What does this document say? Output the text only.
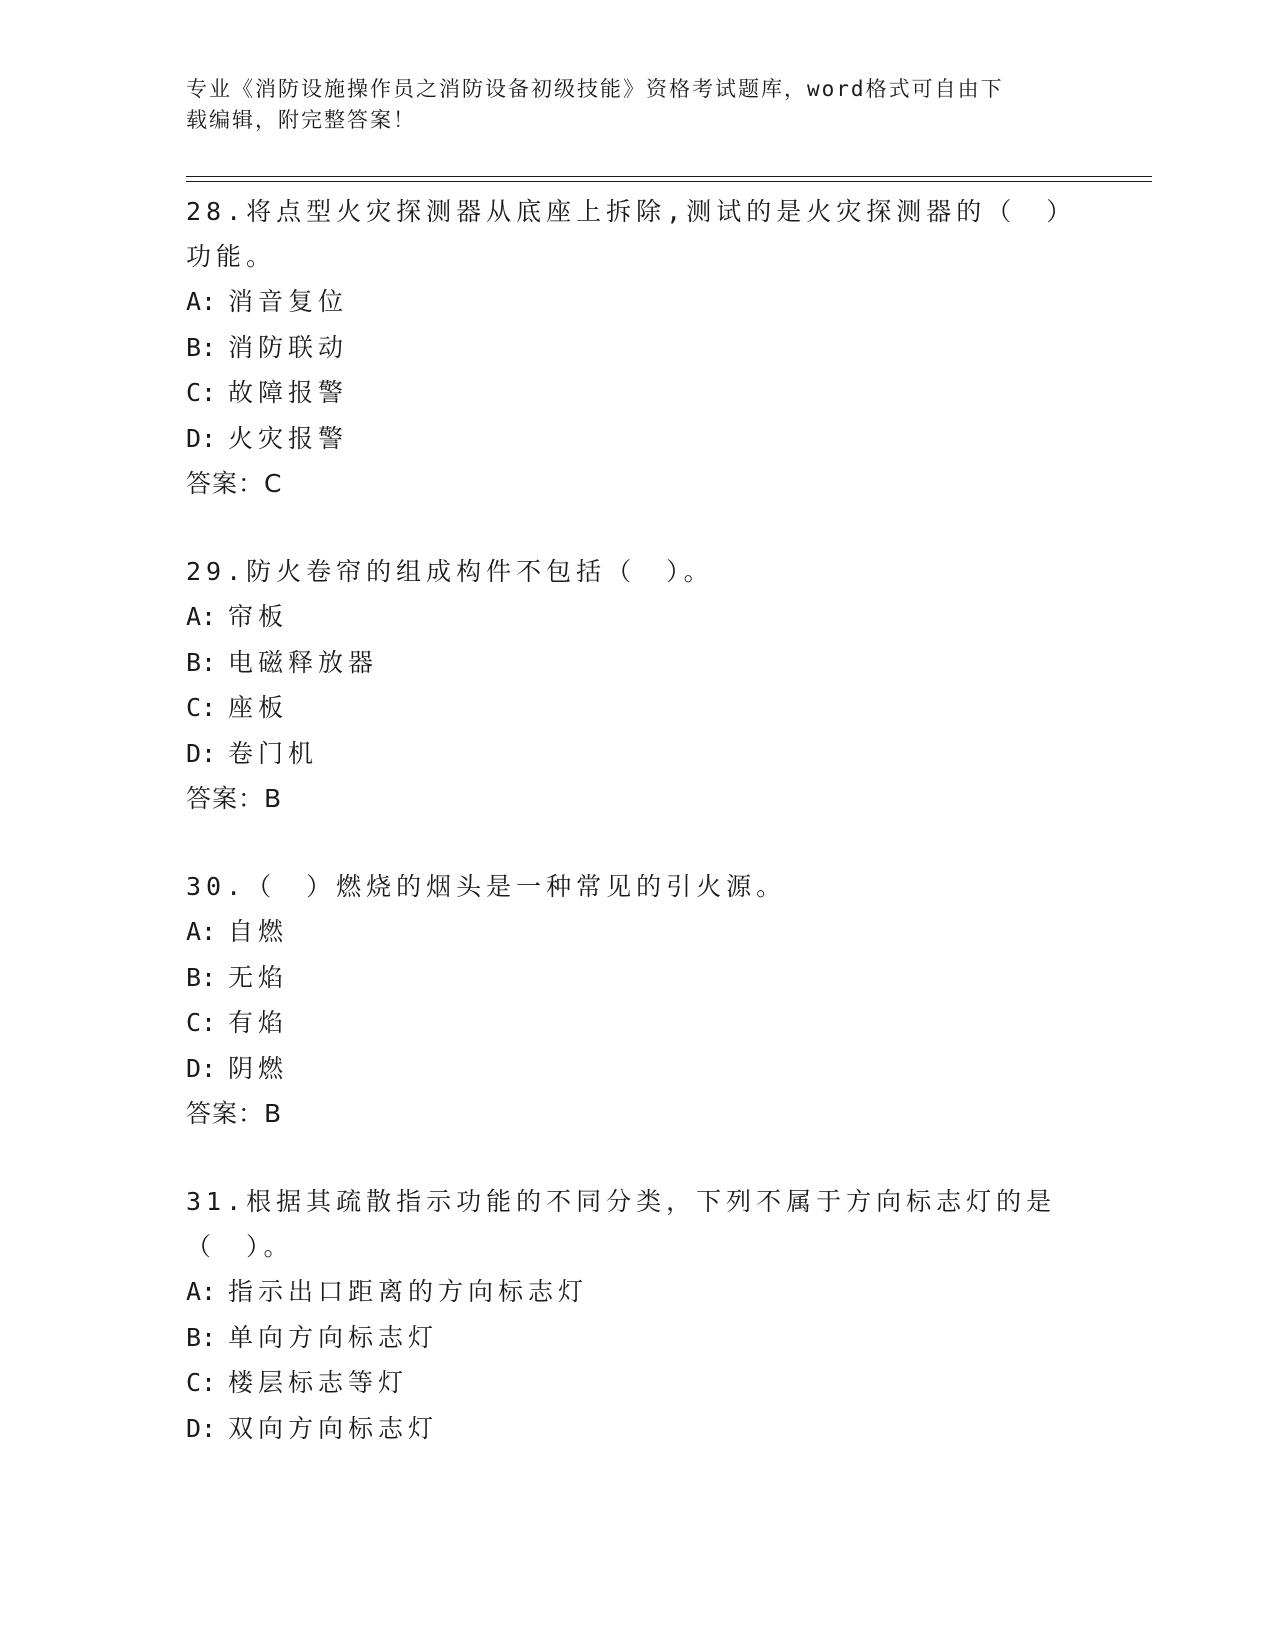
专业《消防设施操作员之消防设备初级技能》资格考试题库，word格式可自由下
载编辑，附完整答案！

28.将点型火灾探测器从底座上拆除,测试的是火灾探测器的（　）功能。

A: 消音复位
B: 消防联动
C: 故障报警
D: 火灾报警

答案：C

29.防火卷帘的组成构件不包括（　）。

A: 帘板
B: 电磁释放器
C: 座板
D: 卷门机

答案：B

30.（　）燃烧的烟头是一种常见的引火源。

A: 自燃
B: 无焰
C: 有焰
D: 阴燃

答案：B

31.根据其疏散指示功能的不同分类，下列不属于方向标志灯的是（　）。

A: 指示出口距离的方向标志灯
B: 单向方向标志灯
C: 楼层标志等灯
D: 双向方向标志灯
